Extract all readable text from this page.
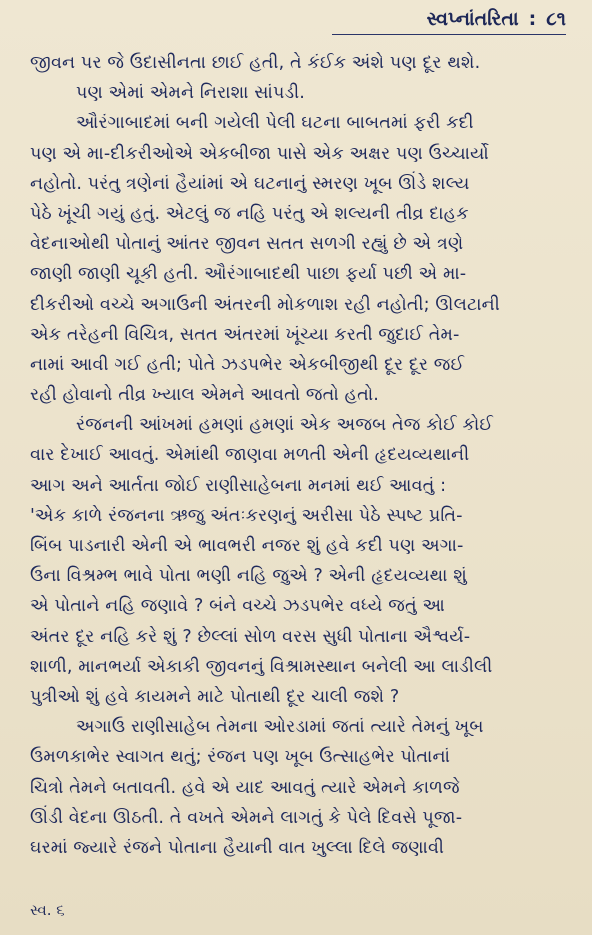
સ્વપ્નાંતરિતા : ૮૧
જીવન પર જે ઉદાસીનતા છાઈ હતી, તે કંઈક અંશે પણ દૂર થશે.
પણ એમાં એમને નિરાશા સાંપડી.
ઔરંગાબાદમાં બની ગયેલી પેલી ઘટના બાબતમાં ફરી કદી
પણ એ મા-દીકરીઓએ એકબીજા પાસે એક અક્ષર પણ ઉચ્ચાર્યો
નહોતો. પરંતુ ત્રણેનાં હૈયાંમાં એ ઘટનાનું સ્મરણ ખૂબ ઊંડે શલ્ય
પેઠે ખૂંચી ગયું હતું. એટલું જ નહિ પરંતુ એ શલ્યની તીવ્ર દાહક
વેદનાઓથી પોતાનું આંતર જીવન સતત સળગી રહ્યું છે એ ત્રણે
જાણી જાણી ચૂકી હતી. ઔરંગાબાદથી પાછા ફર્યા પછી એ મા-
દીકરીઓ વચ્ચે અગાઉની અંતરની મોકળાશ રહી નહોતી; ઊલટાની
એક તરેહની વિચિત્ર, સતત અંતરમાં ખૂંચ્યા કરતી જુદાઈ તેમ-
નામાં આવી ગઈ હતી; પોતે ઝડપભેર એકબીજીથી દૂર દૂર જઈ
રહી હોવાનો તીવ્ર ખ્યાલ એમને આવતો જતો હતો.
રંજનની આંખમાં હમણાં હમણાં એક અજબ તેજ કોઈ કોઈ
વાર દેખાઈ આવતું. એમાંથી જાણવા મળતી એની હૃદયવ્યથાની
આગ અને આર્તતા જોઈ રાણીસાહેબના મનમાં થઈ આવતું :
'એક કાળે રંજનના ઋજુ અંતઃકરણનું અરીસા પેઠે સ્પષ્ટ પ્રતિ-
બિંબ પાડનારી એની એ ભાવભરી નજર શું હવે કદી પણ અગા-
ઉના વિશ્રમ્ભ ભાવે પોતા ભણી નહિ જુએ ? એની હૃદયવ્યથા શું
એ પોતાને નહિ જણાવે ? બંને વચ્ચે ઝડપભેર વધ્યે જતું આ
અંતર દૂર નહિ કરે શું ? છેલ્લાં સોળ વરસ સુધી પોતાના ઐશ્વર્ય-
શાળી, માનભર્યા એકાકી જીવનનું વિશ્રામસ્થાન બનેલી આ લાડીલી
પુત્રીઓ શું હવે કાયમને માટે પોતાથી દૂર ચાલી જશે ?
અગાઉ રાણીસાહેબ તેમના ઓરડામાં જતાં ત્યારે તેમનું ખૂબ
ઉમળકાભેર સ્વાગત થતું; રંજન પણ ખૂબ ઉત્સાહભેર પોતાનાં
ચિત્રો તેમને બતાવતી. હવે એ યાદ આવતું ત્યારે એમને કાળજે
ઊંડી વેદના ઊઠતી. તે વખતે એમને લાગતું કે પેલે દિવસે પૂજા-
ઘરમાં જ્યારે રંજને પોતાના હૈયાની વાત ખુલ્લા દિલે જણાવી
સ્વ. ૬
